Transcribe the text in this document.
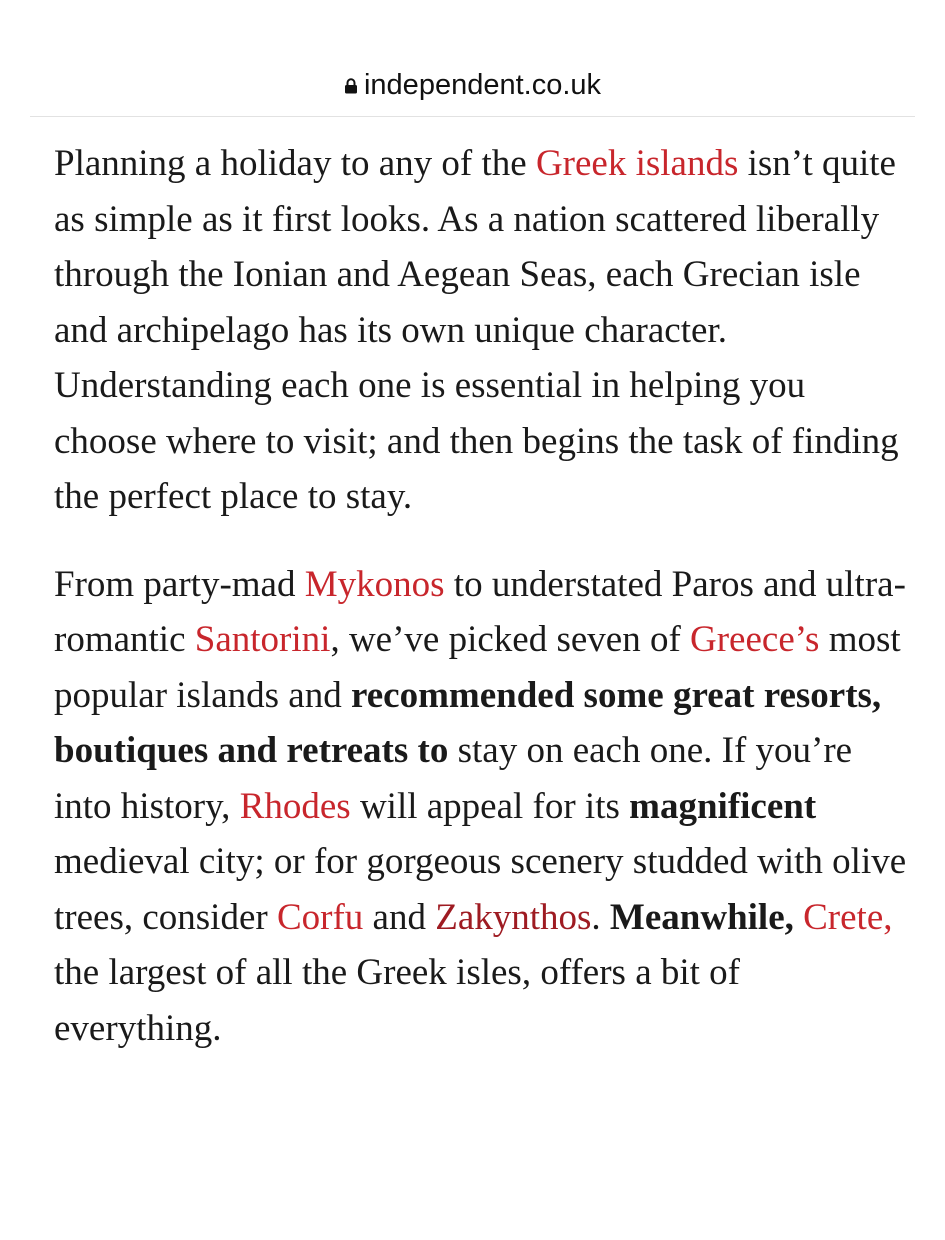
independent.co.uk

Planning a holiday to any of the Greek islands isn’t quite as simple as it first looks. As a nation scattered liberally through the Ionian and Aegean Seas, each Grecian isle and archipelago has its own unique character. Understanding each one is essential in helping you choose where to visit; and then begins the task of finding the perfect place to stay.

From party-mad Mykonos to understated Paros and ultra-romantic Santorini, we’ve picked seven of Greece’s most popular islands and recommended some great resorts, boutiques and retreats to stay on each one. If you’re into history, Rhodes will appeal for its magnificent medieval city; or for gorgeous scenery studded with olive trees, consider Corfu and Zakynthos. Meanwhile, Crete, the largest of all the Greek isles, offers a bit of everything.
